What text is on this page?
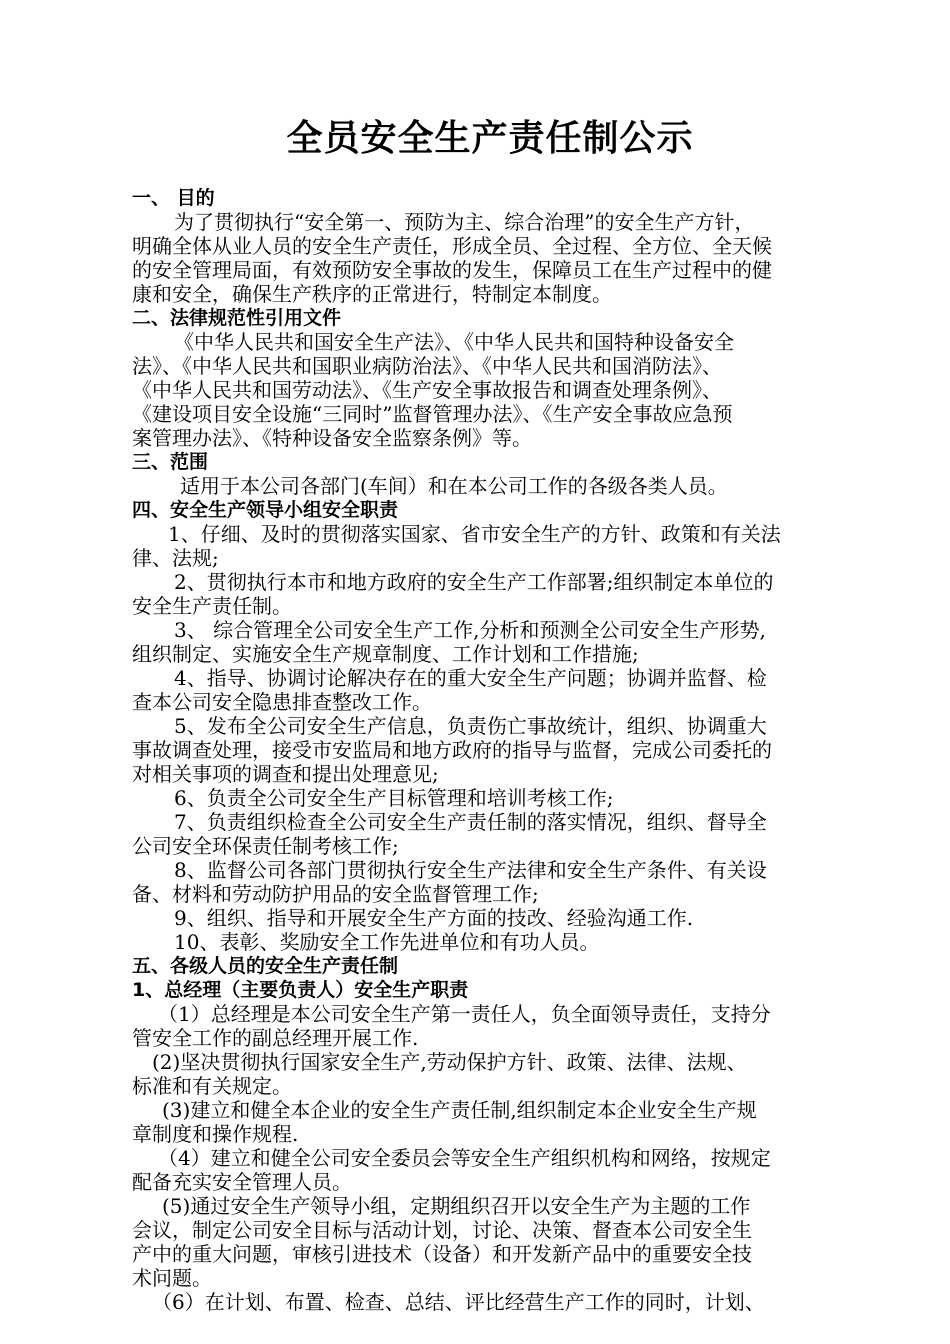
全员安全生产责任制公示
一、 目的
为了贯彻执行“安全第一、预防为主、综合治理”的安全生产方针，
明确全体从业人员的安全生产责任，形成全员、全过程、全方位、全天候
的安全管理局面，有效预防安全事故的发生，保障员工在生产过程中的健
康和安全，确保生产秩序的正常进行，特制定本制度。
二、法律规范性引用文件
《中华人民共和国安全生产法》、《中华人民共和国特种设备安全
法》、《中华人民共和国职业病防治法》、《中华人民共和国消防法》、
《中华人民共和国劳动法》、《生产安全事故报告和调查处理条例》、
《建设项目安全设施“三同时”监督管理办法》、《生产安全事故应急预
案管理办法》、《特种设备安全监察条例》等。
三、范围
适用于本公司各部门(车间）和在本公司工作的各级各类人员。
四、安全生产领导小组安全职责
1、仔细、及时的贯彻落实国家、省市安全生产的方针、政策和有关法
律、法规;
2、贯彻执行本市和地方政府的安全生产工作部署;组织制定本单位的
安全生产责任制。
3、 综合管理全公司安全生产工作,分析和预测全公司安全生产形势,
组织制定、实施安全生产规章制度、工作计划和工作措施;
4、指导、协调讨论解决存在的重大安全生产问题；协调并监督、检
查本公司安全隐患排查整改工作。
5、发布全公司安全生产信息，负责伤亡事故统计，组织、协调重大
事故调查处理，接受市安监局和地方政府的指导与监督，完成公司委托的
对相关事项的调查和提出处理意见;
6、负责全公司安全生产目标管理和培训考核工作;
7、负责组织检查全公司安全生产责任制的落实情况，组织、督导全
公司安全环保责任制考核工作;
8、监督公司各部门贯彻执行安全生产法律和安全生产条件、有关设
备、材料和劳动防护用品的安全监督管理工作;
9、组织、指导和开展安全生产方面的技改、经验沟通工作.
10、表彰、奖励安全工作先进单位和有功人员。
五、各级人员的安全生产责任制
1、总经理（主要负责人）安全生产职责
（1）总经理是本公司安全生产第一责任人，负全面领导责任，支持分
管安全工作的副总经理开展工作.
(2)坚决贯彻执行国家安全生产,劳动保护方针、政策、法律、法规、
标准和有关规定。
(3)建立和健全本企业的安全生产责任制,组织制定本企业安全生产规
章制度和操作规程.
（4）建立和健全公司安全委员会等安全生产组织机构和网络，按规定
配备充实安全管理人员。
(5)通过安全生产领导小组，定期组织召开以安全生产为主题的工作
会议，制定公司安全目标与活动计划，讨论、决策、督查本公司安全生
产中的重大问题，审核引进技术（设备）和开发新产品中的重要安全技
术问题。
（6）在计划、布置、检查、总结、评比经营生产工作的同时，计划、
